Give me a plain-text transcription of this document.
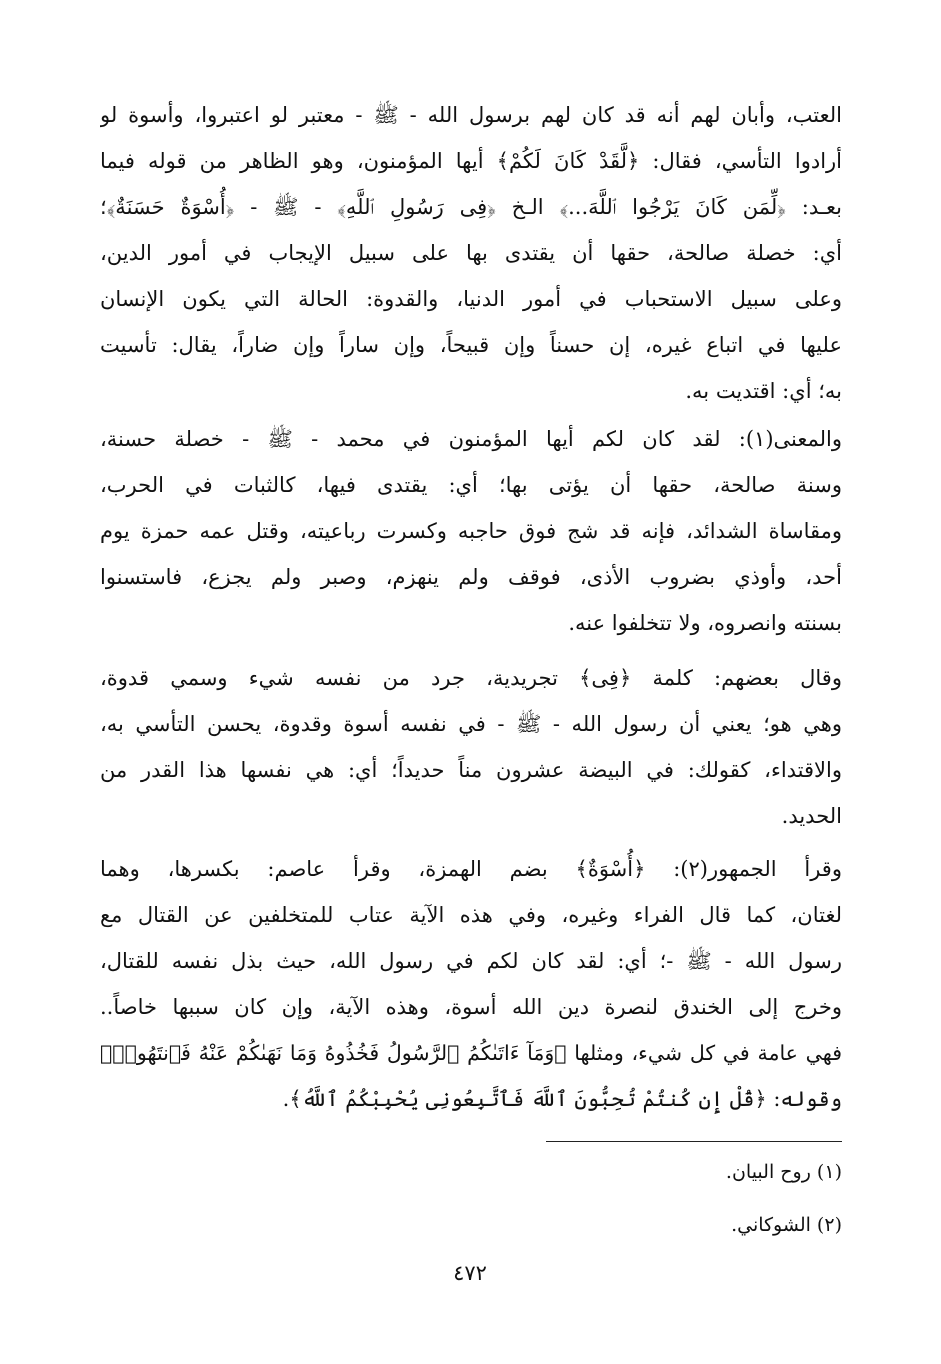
العتب، وأبان لهم أنه قد كان لهم برسول الله - ﷺ - معتبر لو اعتبروا، وأسوة لو
أرادوا التأسي، فقال: ﴿لَّقَدْ كَانَ لَكُمْ﴾ أيها المؤمنون، وهو الظاهر من قوله فيما
بعـد: ﴿لِّمَن كَانَ يَرْجُوا ٱللَّهَ...﴾ الـخ ﴿فِى رَسُولِ ٱللَّهِ﴾ - ﷺ - ﴿أُسْوَةٌ حَسَنَةٌ﴾؛
أي: خصلة صالحة، حقها أن يقتدى بها على سبيل الإيجاب في أمور الدين،
وعلى سبيل الاستحباب في أمور الدنيا، والقدوة: الحالة التي يكون الإنسان
عليها في اتباع غيره، إن حسناً وإن قبيحاً، وإن ساراً وإن ضاراً، يقال: تأسيت
به؛ أي: اقتديت به.
والمعنى(١): لقد كان لكم أيها المؤمنون في محمد - ﷺ - خصلة حسنة،
وسنة صالحة، حقها أن يؤتى بها؛ أي: يقتدى فيها، كالثبات في الحرب،
ومقاساة الشدائد، فإنه قد شج فوق حاجبه وكسرت رباعيته، وقتل عمه حمزة يوم
أحد، وأوذي بضروب الأذى، فوقف ولم ينهزم، وصبر ولم يجزع، فاستسنوا
بسنته وانصروه، ولا تتخلفوا عنه.
وقال بعضهم: كلمة ﴿فِى﴾ تجريدية، جرد من نفسه شيء وسمي قدوة،
وهي هو؛ يعني أن رسول الله - ﷺ - في نفسه أسوة وقدوة، يحسن التأسي به،
والاقتداء، كقولك: في البيضة عشرون مناً حديداً؛ أي: هي نفسها هذا القدر من
الحديد.
وقرأ الجمهور(٢): ﴿أُسْوَةٌ﴾ بضم الهمزة، وقرأ عاصم: بكسرها، وهما
لغتان، كما قال الفراء وغيره، وفي هذه الآية عتاب للمتخلفين عن القتال مع
رسول الله - ﷺ -؛ أي: لقد كان لكم في رسول الله، حيث بذل نفسه للقتال،
وخرج إلى الخندق لنصرة دين الله أسوة، وهذه الآية، وإن كان سببها خاصاً..
فهي عامة في كل شيء، ومثلها ﴿وَمَآ ءَاتَىٰكُمُ ٱلرَّسُولُ فَخُذُوهُ وَمَا نَهَىٰكُمْ عَنْهُ فَٱنتَهُوا۟﴾
وقوله: ﴿قُلْ إِن كُنتُمْ تُحِبُّونَ ٱللَّهَ فَٱتَّبِعُونِى يُحْبِبْكُمُ ٱللَّهُ﴾.
(١) روح البيان.
(٢) الشوكاني.
٤٧٢
